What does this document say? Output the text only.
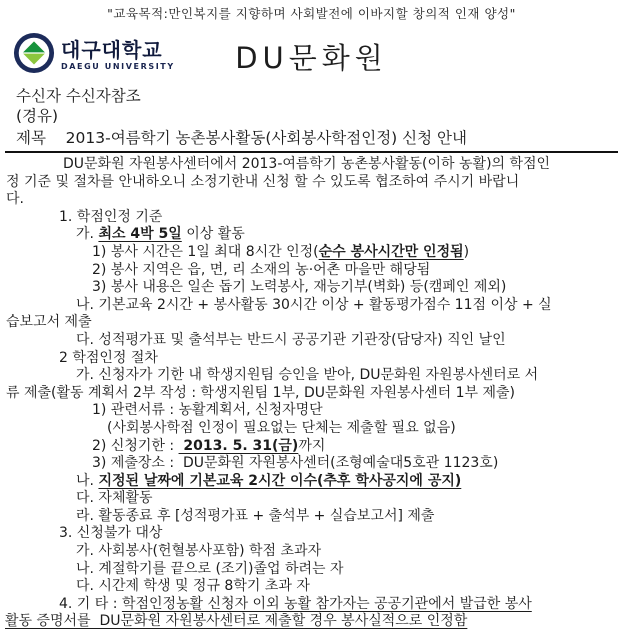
"교육목적:만인복지를 지향하며 사회발전에 이바지할 창의적 인재 양성"
대구대학교
DAEGU UNIVERSITY	DU문화원
수신자 수신자참조
(경유)
제목    2013-여름학기 농촌봉사활동(사회봉사학점인정) 신청 안내
DU문화원 자원봉사센터에서 2013-여름학기 농촌봉사활동(이하 농활)의 학점인
정 기준 및 절차를 안내하오니 소정기한내 신청 할 수 있도록 협조하여 주시기 바랍니
다.
1. 학점인정 기준
가. 최소 4박 5일 이상 활동
1) 봉사 시간은 1일 최대 8시간 인정(순수 봉사시간만 인정됨)
2) 봉사 지역은 읍, 면, 리 소재의 농·어촌 마을만 해당됨
3) 봉사 내용은 일손 돕기 노력봉사, 재능기부(벽화) 등(캠페인 제외)
나. 기본교육 2시간 + 봉사활동 30시간 이상 + 활동평가점수 11점 이상 + 실
습보고서 제출
다. 성적평가표 및 출석부는 반드시 공공기관 기관장(담당자) 직인 날인
2 학점인정 절차
가. 신청자가 기한 내 학생지원팀 승인을 받아, DU문화원 자원봉사센터로 서
류 제출(활동 계획서 2부 작성 : 학생지원팀 1부, DU문화원 자원봉사센터 1부 제출)
1) 관련서류 : 농활계획서, 신청자명단
(사회봉사학점 인정이 필요없는 단체는 제출할 필요 없음)
2) 신청기한 :  2013. 5. 31(금)까지
3) 제출장소 :  DU문화원 자원봉사센터(조형예술대5호관 1123호)
나. 지정된 날짜에 기본교육 2시간 이수(추후 학사공지에 공지)
다. 자체활동
라. 활동종료 후 [성적평가표 + 출석부 + 실습보고서] 제출
3. 신청불가 대상
가. 사회봉사(헌혈봉사포함) 학점 초과자
나. 계절학기를 끝으로 (조기)졸업 하려는 자
다. 시간제 학생 및 정규 8학기 초과 자
4. 기 타 : 학점인정농활 신청자 이외 농활 참가자는 공공기관에서 발급한 봉사
활동 증명서를  DU문화원 자원봉사센터로 제출할 경우 봉사실적으로 인정함
